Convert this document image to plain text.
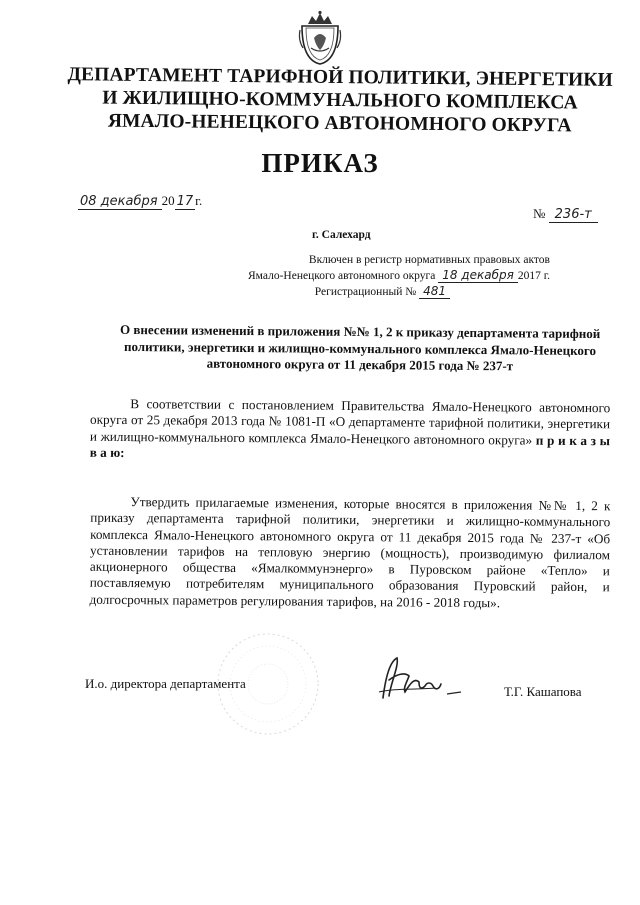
ДЕПАРТАМЕНТ ТАРИФНОЙ ПОЛИТИКИ, ЭНЕРГЕТИКИ
И ЖИЛИЩНО-КОММУНАЛЬНОГО КОМПЛЕКСА
ЯМАЛО-НЕНЕЦКОГО АВТОНОМНОГО ОКРУГА
ПРИКАЗ
08 декабря 20 17 г.
№ 236-т
г. Салехард
Включен в регистр нормативных правовых актов
Ямало-Ненецкого автономного округа 18 декабря 2017 г.
Регистрационный № 481
О внесении изменений в приложения №№ 1, 2 к приказу департамента тарифной политики, энергетики и жилищно-коммунального комплекса Ямало-Ненецкого автономного округа от 11 декабря 2015 года № 237-т
В соответствии с постановлением Правительства Ямало-Ненецкого автономного округа от 25 декабря 2013 года № 1081-П «О департаменте тарифной политики, энергетики и жилищно-коммунального комплекса Ямало-Ненецкого автономного округа» п р и к а з ы в а ю:
Утвердить прилагаемые изменения, которые вносятся в приложения №№ 1, 2 к приказу департамента тарифной политики, энергетики и жилищно-коммунального комплекса Ямало-Ненецкого автономного округа от 11 декабря 2015 года № 237-т «Об установлении тарифов на тепловую энергию (мощность), производимую филиалом акционерного общества «Ямалкоммунэнерго» в Пуровском районе «Тепло» и поставляемую потребителям муниципального образования Пуровский район, и долгосрочных параметров регулирования тарифов, на 2016 - 2018 годы».
И.о. директора департамента
Т.Г. Кашапова
